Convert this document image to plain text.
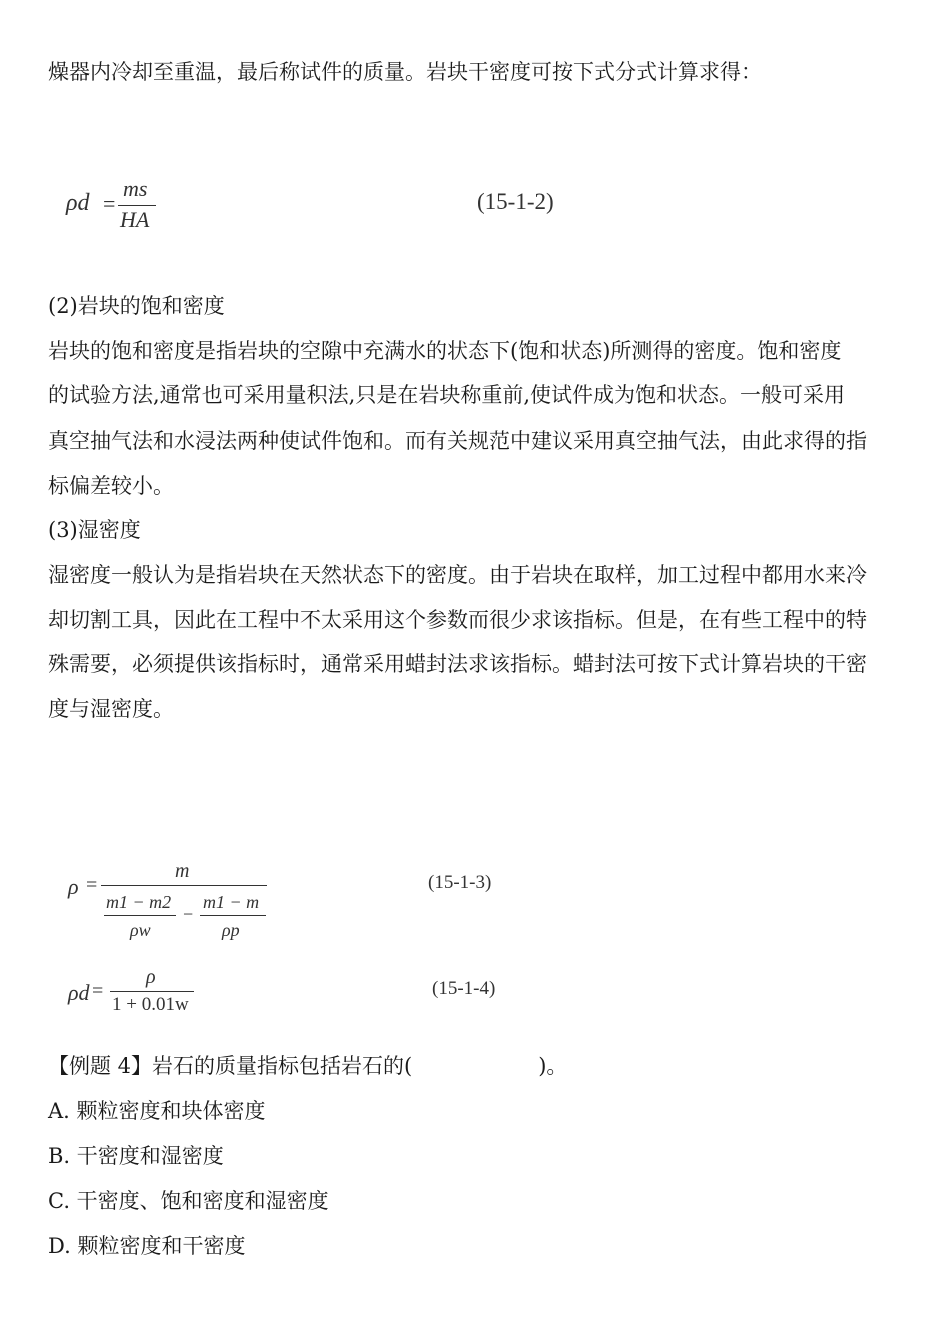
燥器内冷却至重温，最后称试件的质量。岩块干密度可按下式分式计算求得：
ρd =
ms
HA
(15-1-2)
(2)岩块的饱和密度
岩块的饱和密度是指岩块的空隙中充满水的状态下(饱和状态)所测得的密度。饱和密度
的试验方法,通常也可采用量积法,只是在岩块称重前,使试件成为饱和状态。一般可采用
真空抽气法和水浸法两种使试件饱和。而有关规范中建议采用真空抽气法，由此求得的指
标偏差较小。
(3)湿密度
湿密度一般认为是指岩块在天然状态下的密度。由于岩块在取样，加工过程中都用水来冷
却切割工具，因此在工程中不太采用这个参数而很少求该指标。但是，在有些工程中的特
殊需要，必须提供该指标时，通常采用蜡封法求该指标。蜡封法可按下式计算岩块的干密
度与湿密度。
ρ =
m
m1 − m2
ρw
−
m1 − m
ρp
(15-1-3)
ρd =
ρ
1 + 0.01w
(15-1-4)
【例题 4】岩石的质量指标包括岩石的(　　　　　　)。
A. 颗粒密度和块体密度
B. 干密度和湿密度
C. 干密度、饱和密度和湿密度
D. 颗粒密度和干密度
